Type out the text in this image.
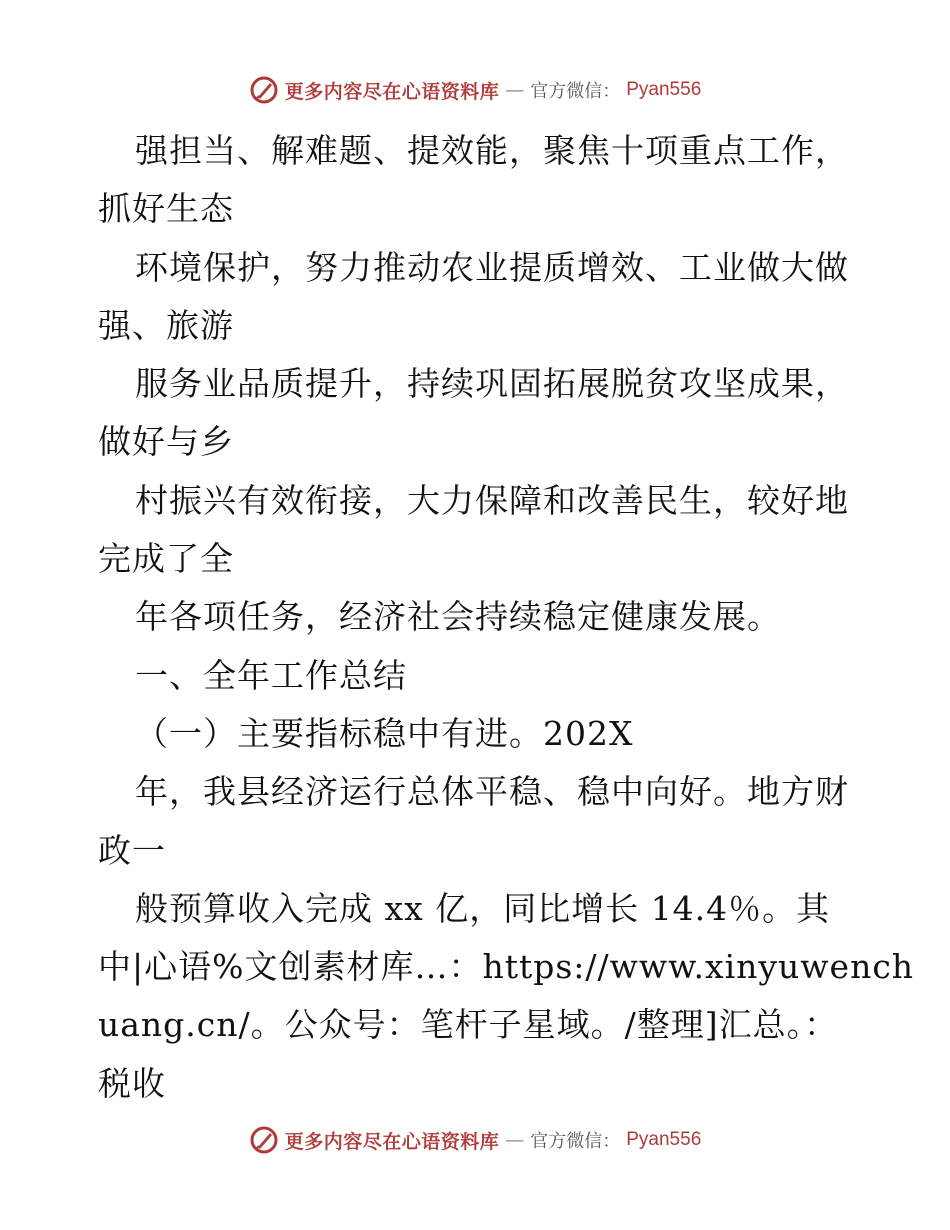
更多内容尽在心语资料库 — 官方微信： Pyan556
强担当、解难题、提效能，聚焦十项重点工作，
抓好生态
环境保护，努力推动农业提质增效、工业做大做
强、旅游
服务业品质提升，持续巩固拓展脱贫攻坚成果，
做好与乡
村振兴有效衔接，大力保障和改善民生，较好地
完成了全
年各项任务，经济社会持续稳定健康发展。
一、全年工作总结
（一）主要指标稳中有进。202X
年，我县经济运行总体平稳、稳中向好。地方财
政一
般预算收入完成 xx 亿，同比增长 14.4％。其
中|心语%文创素材库…：https://www.xinyuwench
uang.cn/。公众号：笔杆子星域。/整理]汇总。：
税收
更多内容尽在心语资料库 — 官方微信： Pyan556
